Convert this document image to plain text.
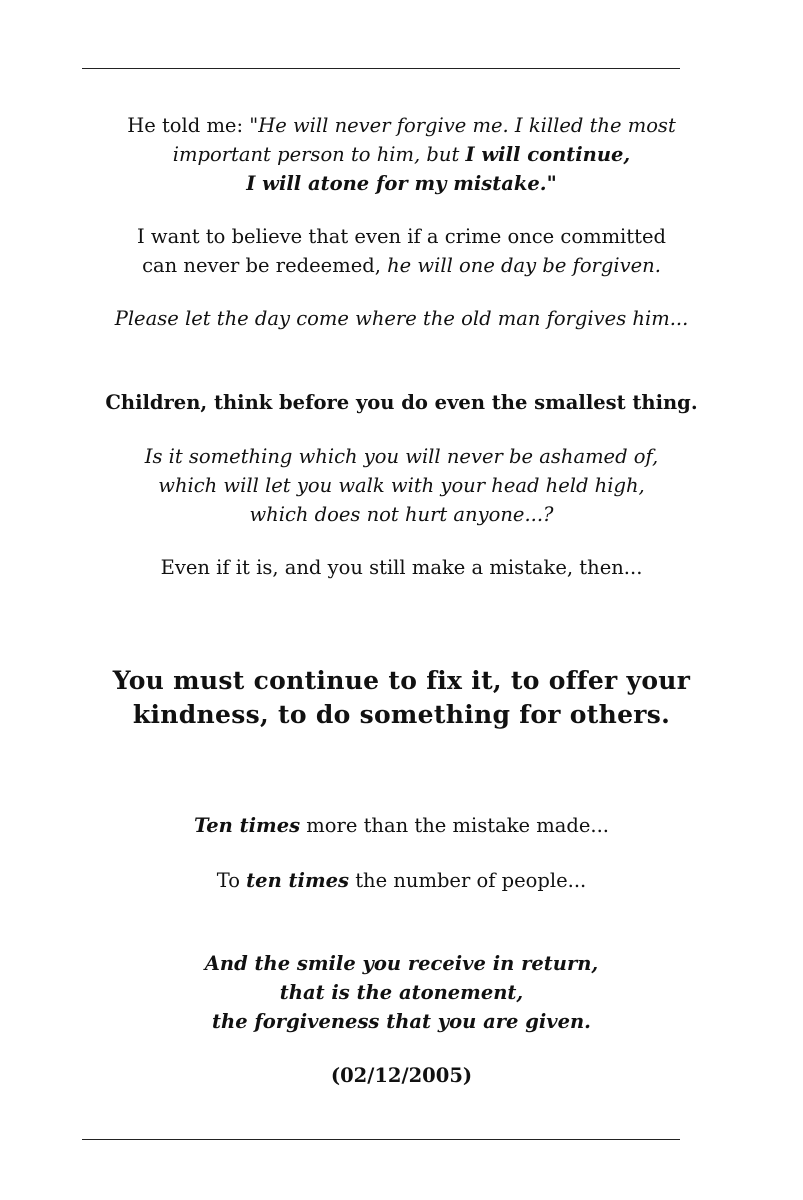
He told me: "He will never forgive me. I killed the most
important person to him, but I will continue,
I will atone for my mistake."
I want to believe that even if a crime once committed
can never be redeemed, he will one day be forgiven.
Please let the day come where the old man forgives him...
Children, think before you do even the smallest thing.
Is it something which you will never be ashamed of,
which will let you walk with your head held high,
which does not hurt anyone...?
Even if it is, and you still make a mistake, then...
You must continue to fix it, to offer your
kindness, to do something for others.
Ten times more than the mistake made...
To ten times the number of people...
And the smile you receive in return,
that is the atonement,
the forgiveness that you are given.
(02/12/2005)
